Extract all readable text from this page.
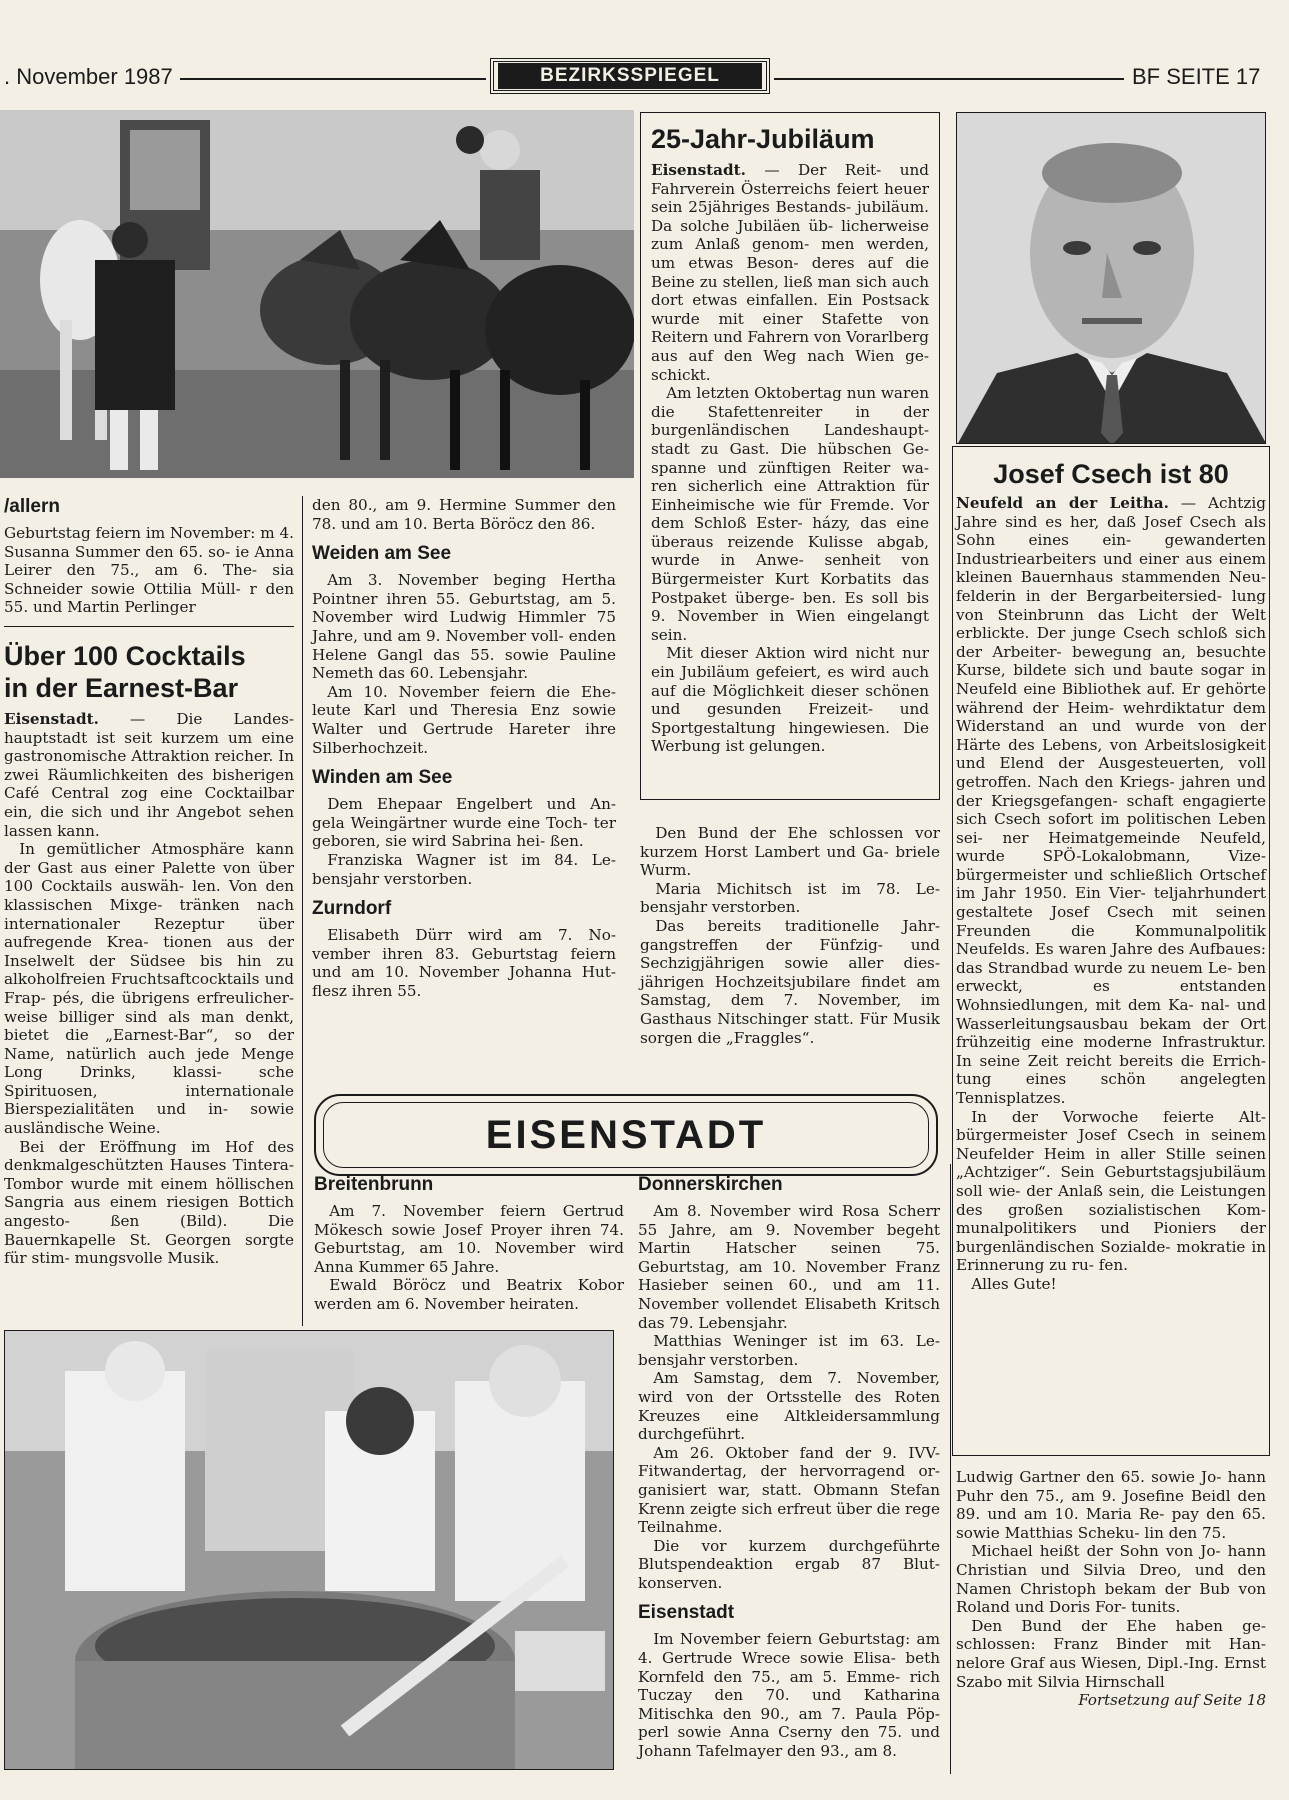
. November 1987	BEZIRKSSPIEGEL	BF SEITE 17
/allern

Geburtstag feiern im November: m 4. Susanna Summer den 65. so- ie Anna Leirer den 75., am 6. The- sia Schneider sowie Ottilia Müll- r den 55. und Martin Perlinger

Über 100 Cocktails
in der Earnest-Bar

Eisenstadt. — Die Landes- hauptstadt ist seit kurzem um eine gastronomische Attraktion reicher. In zwei Räumlichkeiten des bisherigen Café Central zog eine Cocktailbar ein, die sich und ihr Angebot sehen lassen kann.

In gemütlicher Atmosphäre kann der Gast aus einer Palette von über 100 Cocktails auswäh- len. Von den klassischen Mixge- tränken nach internationaler Rezeptur über aufregende Krea- tionen aus der Inselwelt der Südsee bis hin zu alkoholfreien Fruchtsaftcocktails und Frap- pés, die übrigens erfreulicher- weise billiger sind als man denkt, bietet die „Earnest-Bar“, so der Name, natürlich auch jede Menge Long Drinks, klassi- sche Spirituosen, internationale Bierspezialitäten und in- sowie ausländische Weine.

Bei der Eröffnung im Hof des denkmalgeschützten Hauses Tintera-Tombor wurde mit einem höllischen Sangria aus einem riesigen Bottich angesto- ßen (Bild). Die Bauernkapelle St. Georgen sorgte für stim- mungsvolle Musik.

den 80., am 9. Hermine Summer den 78. und am 10. Berta Böröcz den 86.

Weiden am See

Am 3. November beging Hertha Pointner ihren 55. Geburtstag, am 5. November wird Ludwig Himmler 75 Jahre, und am 9. November voll- enden Helene Gangl das 55. sowie Pauline Nemeth das 60. Lebensjahr.

Am 10. November feiern die Ehe- leute Karl und Theresia Enz sowie Walter und Gertrude Hareter ihre Silberhochzeit.

Winden am See

Dem Ehepaar Engelbert und An- gela Weingärtner wurde eine Toch- ter geboren, sie wird Sabrina hei- ßen.

Franziska Wagner ist im 84. Le- bensjahr verstorben.

Zurndorf

Elisabeth Dürr wird am 7. No- vember ihren 83. Geburtstag feiern und am 10. November Johanna Hut- flesz ihren 55.

25-Jahr-Jubiläum

Eisenstadt. — Der Reit- und Fahrverein Österreichs feiert heuer sein 25jähriges Bestands- jubiläum. Da solche Jubiläen üb- licherweise zum Anlaß genom- men werden, um etwas Beson- deres auf die Beine zu stellen, ließ man sich auch dort etwas einfallen. Ein Postsack wurde mit einer Stafette von Reitern und Fahrern von Vorarlberg aus auf den Weg nach Wien ge- schickt.

Am letzten Oktobertag nun waren die Stafettenreiter in der burgenländischen Landeshaupt- stadt zu Gast. Die hübschen Ge- spanne und zünftigen Reiter wa- ren sicherlich eine Attraktion für Einheimische wie für Fremde. Vor dem Schloß Ester- házy, das eine überaus reizende Kulisse abgab, wurde in Anwe- senheit von Bürgermeister Kurt Korbatits das Postpaket überge- ben. Es soll bis 9. November in Wien eingelangt sein.

Mit dieser Aktion wird nicht nur ein Jubiläum gefeiert, es wird auch auf die Möglichkeit dieser schönen und gesunden Freizeit- und Sportgestaltung hingewiesen. Die Werbung ist gelungen.

Den Bund der Ehe schlossen vor kurzem Horst Lambert und Ga- briele Wurm.

Maria Michitsch ist im 78. Le- bensjahr verstorben.

Das bereits traditionelle Jahr- gangstreffen der Fünfzig- und Sechzigjährigen sowie aller dies- jährigen Hochzeitsjubilare findet am Samstag, dem 7. November, im Gasthaus Nitschinger statt. Für Musik sorgen die „Fraggles“.

EISENSTADT
Breitenbrunn

Am 7. November feiern Gertrud Mökesch sowie Josef Proyer ihren 74. Geburtstag, am 10. November wird Anna Kummer 65 Jahre.

Ewald Böröcz und Beatrix Kobor werden am 6. November heiraten.

Donnerskirchen

Am 8. November wird Rosa Scherr 55 Jahre, am 9. November begeht Martin Hatscher seinen 75. Geburtstag, am 10. November Franz Hasieber seinen 60., und am 11. November vollendet Elisabeth Kritsch das 79. Lebensjahr.

Matthias Weninger ist im 63. Le- bensjahr verstorben.

Am Samstag, dem 7. November, wird von der Ortsstelle des Roten Kreuzes eine Altkleidersammlung durchgeführt.

Am 26. Oktober fand der 9. IVV- Fitwandertag, der hervorragend or- ganisiert war, statt. Obmann Stefan Krenn zeigte sich erfreut über die rege Teilnahme.

Die vor kurzem durchgeführte Blutspendeaktion ergab 87 Blut- konserven.

Eisenstadt

Im November feiern Geburtstag: am 4. Gertrude Wrece sowie Elisa- beth Kornfeld den 75., am 5. Emme- rich Tuczay den 70. und Katharina Mitischka den 90., am 7. Paula Pöp- perl sowie Anna Cserny den 75. und Johann Tafelmayer den 93., am 8.

Josef Csech ist 80

Neufeld an der Leitha. — Achtzig Jahre sind es her, daß Josef Csech als Sohn eines ein- gewanderten Industriearbeiters und einer aus einem kleinen Bauernhaus stammenden Neu- felderin in der Bergarbeitersied- lung von Steinbrunn das Licht der Welt erblickte. Der junge Csech schloß sich der Arbeiter- bewegung an, besuchte Kurse, bildete sich und baute sogar in Neufeld eine Bibliothek auf. Er gehörte während der Heim- wehrdiktatur dem Widerstand an und wurde von der Härte des Lebens, von Arbeitslosigkeit und Elend der Ausgesteuerten, voll getroffen. Nach den Kriegs- jahren und der Kriegsgefangen- schaft engagierte sich Csech sofort im politischen Leben sei- ner Heimatgemeinde Neufeld, wurde SPÖ-Lokalobmann, Vize- bürgermeister und schließlich Ortschef im Jahr 1950. Ein Vier- teljahrhundert gestaltete Josef Csech mit seinen Freunden die Kommunalpolitik Neufelds. Es waren Jahre des Aufbaues: das Strandbad wurde zu neuem Le- ben erweckt, es entstanden Wohnsiedlungen, mit dem Ka- nal- und Wasserleitungsausbau bekam der Ort frühzeitig eine moderne Infrastruktur. In seine Zeit reicht bereits die Errich- tung eines schön angelegten Tennisplatzes.

In der Vorwoche feierte Alt- bürgermeister Josef Csech in seinem Neufelder Heim in aller Stille seinen „Achtziger“. Sein Geburtstagsjubiläum soll wie- der Anlaß sein, die Leistungen des großen sozialistischen Kom- munalpolitikers und Pioniers der burgenländischen Sozialde- mokratie in Erinnerung zu ru- fen.

Alles Gute!

Ludwig Gartner den 65. sowie Jo- hann Puhr den 75., am 9. Josefine Beidl den 89. und am 10. Maria Re- pay den 65. sowie Matthias Scheku- lin den 75.

Michael heißt der Sohn von Jo- hann Christian und Silvia Dreo, und den Namen Christoph bekam der Bub von Roland und Doris For- tunits.

Den Bund der Ehe haben ge- schlossen: Franz Binder mit Han- nelore Graf aus Wiesen, Dipl.-Ing. Ernst Szabo mit Silvia Hirnschall

Fortsetzung auf Seite 18
